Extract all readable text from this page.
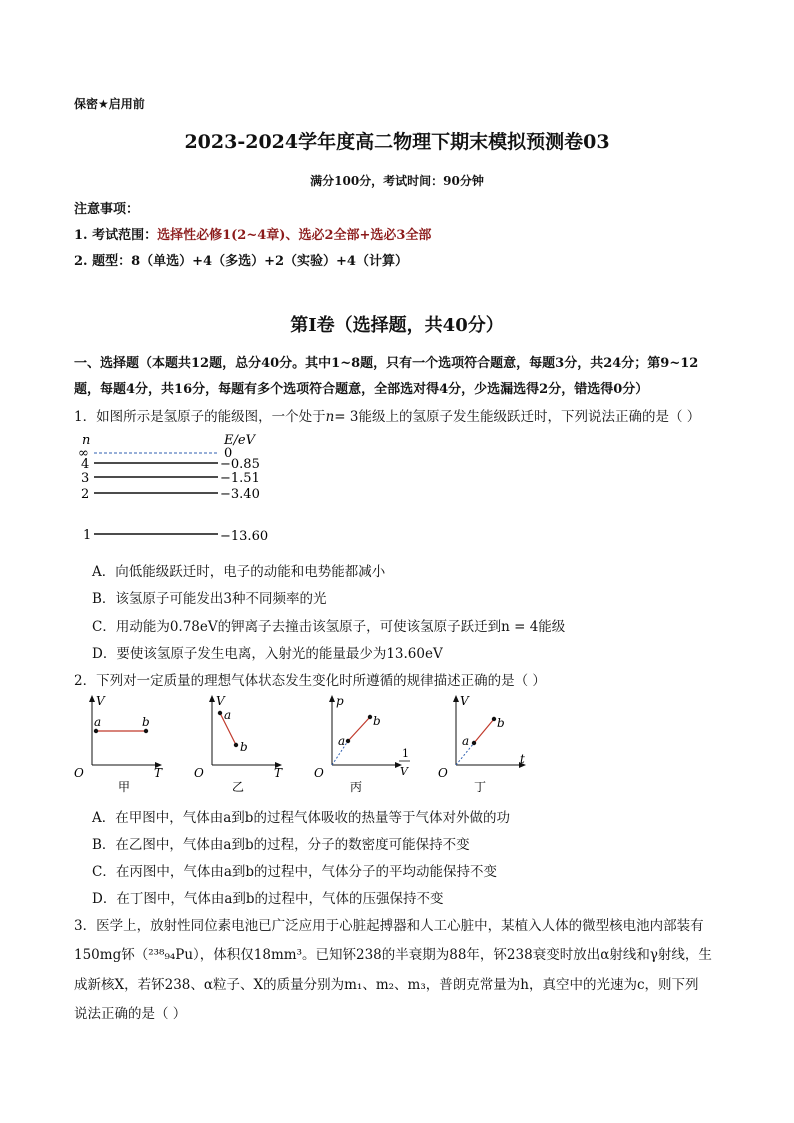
保密★启用前
2023-2024学年度高二物理下期末模拟预测卷03
满分100分，考试时间：90分钟
注意事项：
1. 考试范围：选择性必修1(2~4章)、选必2全部+选必3全部
2. 题型：8（单选）+4（多选）+2（实验）+4（计算）
第Ⅰ卷（选择题，共40分）
一、选择题（本题共12题，总分40分。其中1~8题，只有一个选项符合题意，每题3分，共24分；第9~12
题，每题4分，共16分，每题有多个选项符合题意，全部选对得4分，少选漏选得2分，错选得0分）
1．如图所示是氢原子的能级图，一个处于n= 3能级上的氢原子发生能级跃迁时，下列说法正确的是（ ）
n	E/eV
∞	0
4	−0.85
3	−1.51
2	−3.40
1	−13.60
A．向低能级跃迁时，电子的动能和电势能都减小
B．该氢原子可能发出3种不同频率的光
C．用动能为0.78eV的钾离子去撞击该氢原子，可使该氢原子跃迁到n = 4能级
D．要使该氢原子发生电离，入射光的能量最少为13.60eV
2．下列对一定质量的理想气体状态发生变化时所遵循的规律描述正确的是（ ）
V
T
O
a	b
甲
V
T
O
a
b
乙
p
1
V
O
a
b
丙
V
t
O
a
b
丁
A．在甲图中，气体由a到b的过程气体吸收的热量等于气体对外做的功
B．在乙图中，气体由a到b的过程，分子的数密度可能保持不变
C．在丙图中，气体由a到b的过程中，气体分子的平均动能保持不变
D．在丁图中，气体由a到b的过程中，气体的压强保持不变
3．医学上，放射性同位素电池已广泛应用于心脏起搏器和人工心脏中，某植入人体的微型核电池内部装有
150mg钚（²³⁸₉₄Pu），体积仅18mm³。已知钚238的半衰期为88年，钚238衰变时放出α射线和γ射线，生
成新核X，若钚238、α粒子、X的质量分别为m₁、m₂、m₃，普朗克常量为h，真空中的光速为c，则下列
说法正确的是（ ）
